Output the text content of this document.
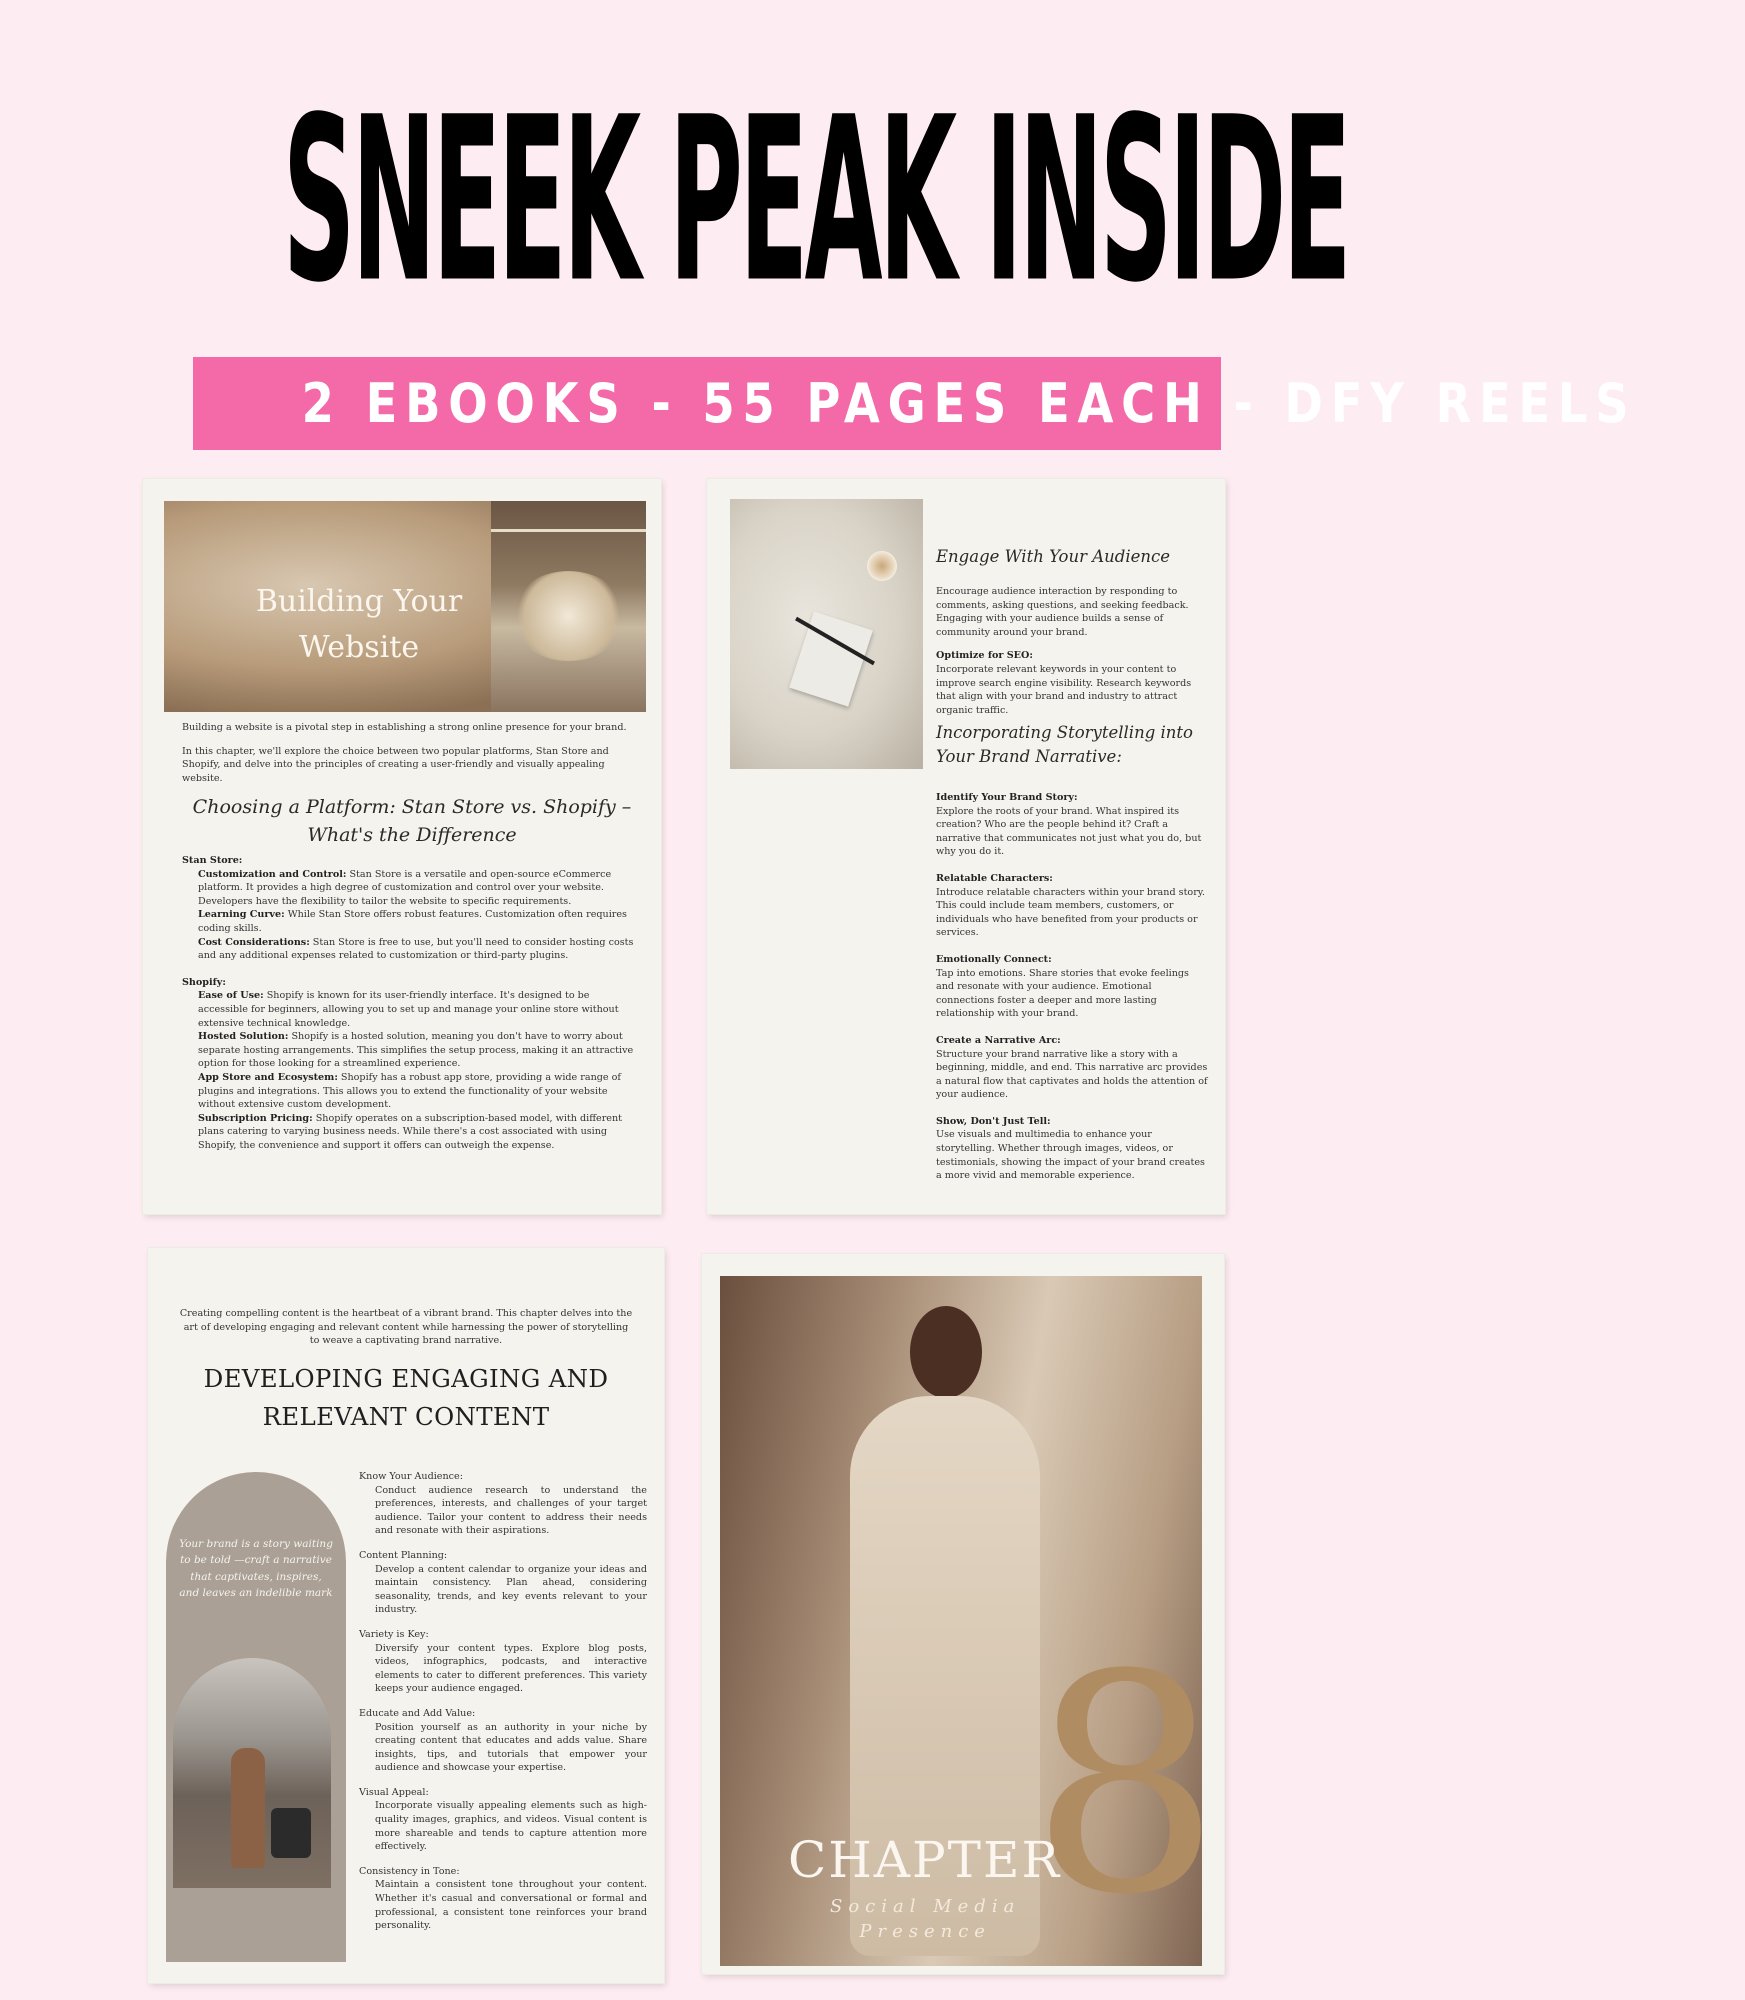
SNEEK PEAK INSIDE
2 EBOOKS - 55 PAGES EACH - DFY REELS
Building Your Website

Building a website is a pivotal step in establishing a strong online presence for your brand.

In this chapter, we'll explore the choice between two popular platforms, Stan Store and Shopify, and delve into the principles of creating a user-friendly and visually appealing website.

Choosing a Platform: Stan Store vs. Shopify – What's the Difference
Stan Store:
Customization and Control: Stan Store is a versatile and open-source eCommerce platform. It provides a high degree of customization and control over your website. Developers have the flexibility to tailor the website to specific requirements.
Learning Curve: While Stan Store offers robust features. Customization often requires coding skills.
Cost Considerations: Stan Store is free to use, but you'll need to consider hosting costs and any additional expenses related to customization or third-party plugins.
Shopify:
Ease of Use: Shopify is known for its user-friendly interface. It's designed to be accessible for beginners, allowing you to set up and manage your online store without extensive technical knowledge.
Hosted Solution: Shopify is a hosted solution, meaning you don't have to worry about separate hosting arrangements. This simplifies the setup process, making it an attractive option for those looking for a streamlined experience.
App Store and Ecosystem: Shopify has a robust app store, providing a wide range of plugins and integrations. This allows you to extend the functionality of your website without extensive custom development.
Subscription Pricing: Shopify operates on a subscription-based model, with different plans catering to varying business needs. While there's a cost associated with using Shopify, the convenience and support it offers can outweigh the expense.
Engage With Your Audience

Encourage audience interaction by responding to comments, asking questions, and seeking feedback. Engaging with your audience builds a sense of community around your brand.

Optimize for SEO:
Incorporate relevant keywords in your content to improve search engine visibility. Research keywords that align with your brand and industry to attract organic traffic.
Incorporating Storytelling into Your Brand Narrative:
Identify Your Brand Story:
Explore the roots of your brand. What inspired its creation? Who are the people behind it? Craft a narrative that communicates not just what you do, but why you do it.
Relatable Characters:
Introduce relatable characters within your brand story. This could include team members, customers, or individuals who have benefited from your products or services.
Emotionally Connect:
Tap into emotions. Share stories that evoke feelings and resonate with your audience. Emotional connections foster a deeper and more lasting relationship with your brand.
Create a Narrative Arc:
Structure your brand narrative like a story with a beginning, middle, and end. This narrative arc provides a natural flow that captivates and holds the attention of your audience.
Show, Don't Just Tell:
Use visuals and multimedia to enhance your storytelling. Whether through images, videos, or testimonials, showing the impact of your brand creates a more vivid and memorable experience.
Creating compelling content is the heartbeat of a vibrant brand. This chapter delves into the art of developing engaging and relevant content while harnessing the power of storytelling to weave a captivating brand narrative.
DEVELOPING ENGAGING AND
RELEVANT CONTENT
Your brand is a story waiting to be told —craft a narrative that captivates, inspires, and leaves an indelible mark

Know Your Audience:

Conduct audience research to understand the preferences, interests, and challenges of your target audience. Tailor your content to address their needs and resonate with their aspirations.

Content Planning:

Develop a content calendar to organize your ideas and maintain consistency. Plan ahead, considering seasonality, trends, and key events relevant to your industry.

Variety is Key:

Diversify your content types. Explore blog posts, videos, infographics, podcasts, and interactive elements to cater to different preferences. This variety keeps your audience engaged.

Educate and Add Value:

Position yourself as an authority in your niche by creating content that educates and adds value. Share insights, tips, and tutorials that empower your audience and showcase your expertise.

Visual Appeal:

Incorporate visually appealing elements such as high-quality images, graphics, and videos. Visual content is more shareable and tends to capture attention more effectively.

Consistency in Tone:

Maintain a consistent tone throughout your content. Whether it's casual and conversational or formal and professional, a consistent tone reinforces your brand personality.	8
CHAPTER
Social Media
Presence
